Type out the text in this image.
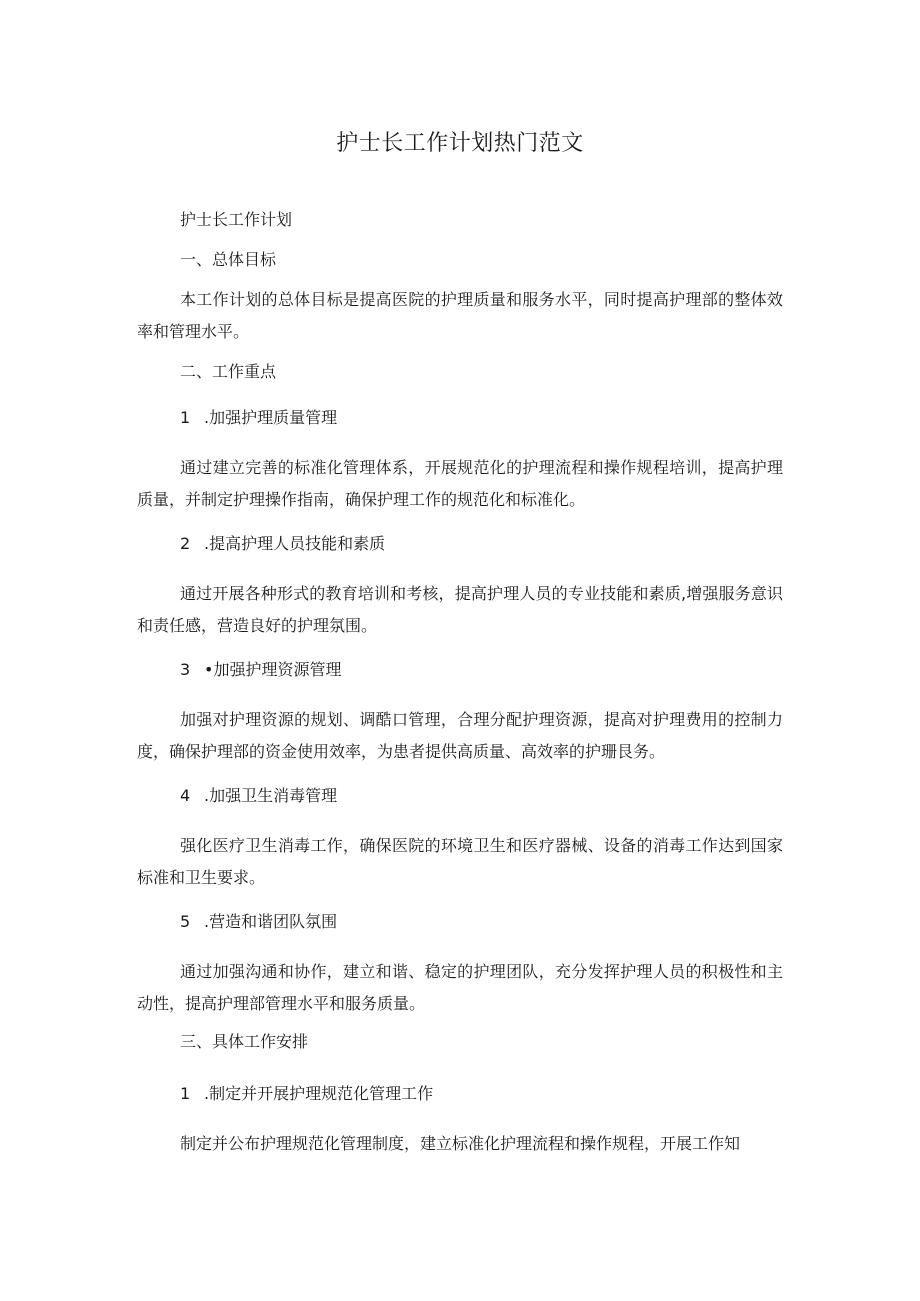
护士长工作计划热门范文
护士长工作计划
一、总体目标
本工作计划的总体目标是提高医院的护理质量和服务水平，同时提高护理部的整体效率和管理水平。
二、工作重点
1 .加强护理质量管理
通过建立完善的标准化管理体系，开展规范化的护理流程和操作规程培训，提高护理质量，并制定护理操作指南，确保护理工作的规范化和标准化。
2 .提高护理人员技能和素质
通过开展各种形式的教育培训和考核，提高护理人员的专业技能和素质,增强服务意识和责任感，营造良好的护理氛围。
3 •加强护理资源管理
加强对护理资源的规划、调酷口管理，合理分配护理资源，提高对护理费用的控制力度，确保护理部的资金使用效率，为患者提供高质量、高效率的护珊艮务。
4 .加强卫生消毒管理
强化医疗卫生消毒工作，确保医院的环境卫生和医疗器械、设备的消毒工作达到国家标准和卫生要求。
5 .营造和谐团队氛围
通过加强沟通和协作，建立和谐、稳定的护理团队，充分发挥护理人员的积极性和主动性，提高护理部管理水平和服务质量。
三、具体工作安排
1 .制定并开展护理规范化管理工作
制定并公布护理规范化管理制度，建立标准化护理流程和操作规程，开展工作知
